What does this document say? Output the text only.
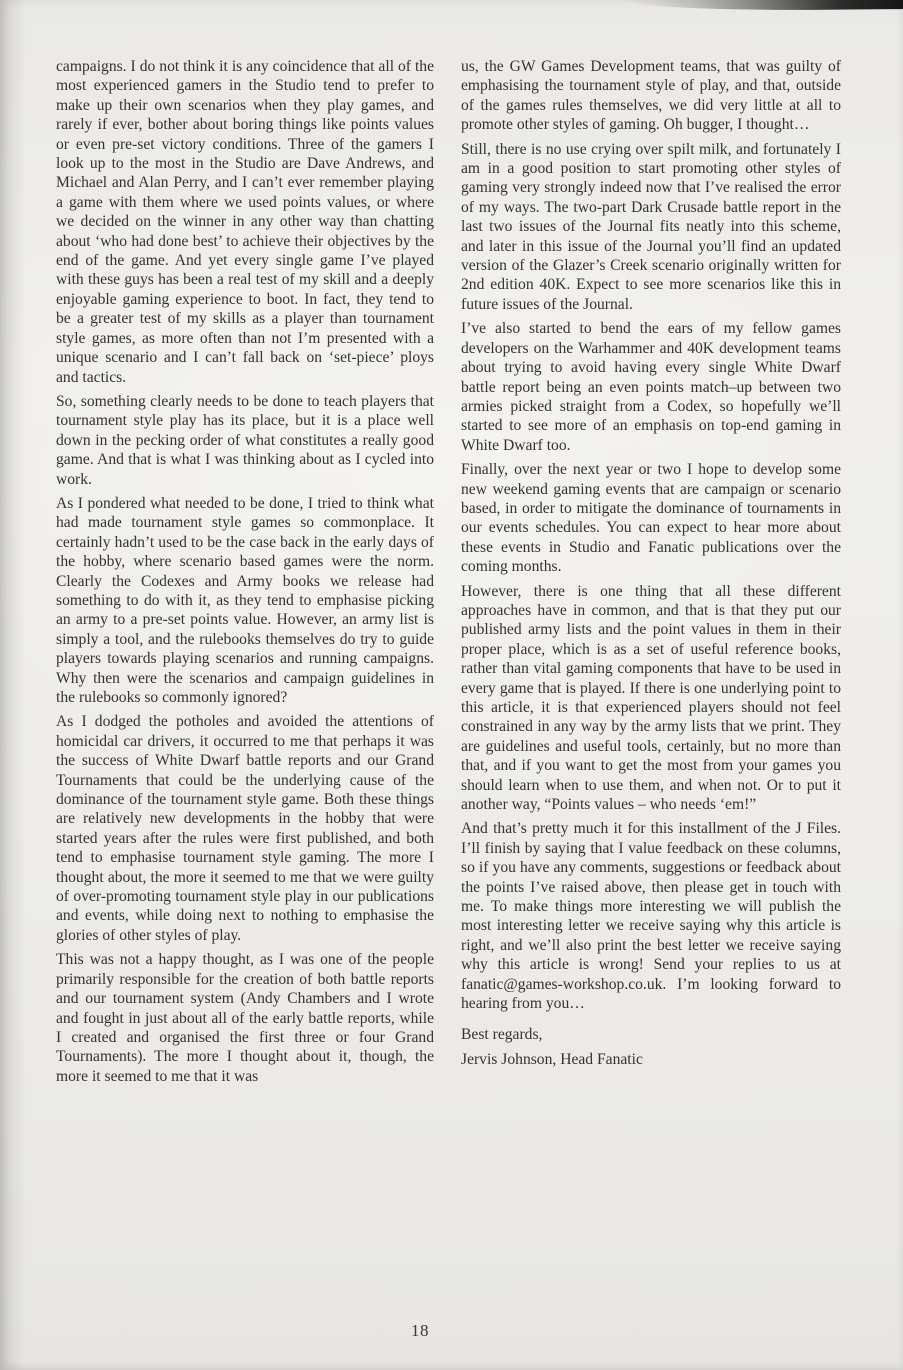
campaigns. I do not think it is any coincidence that all of the most experienced gamers in the Studio tend to prefer to make up their own scenarios when they play games, and rarely if ever, bother about boring things like points values or even pre-set victory conditions. Three of the gamers I look up to the most in the Studio are Dave Andrews, and Michael and Alan Perry, and I can’t ever remember playing a game with them where we used points values, or where we decided on the winner in any other way than chatting about ‘who had done best’ to achieve their objectives by the end of the game. And yet every single game I’ve played with these guys has been a real test of my skill and a deeply enjoyable gaming experience to boot. In fact, they tend to be a greater test of my skills as a player than tournament style games, as more often than not I’m presented with a unique scenario and I can’t fall back on ‘set-piece’ ploys and tactics.

So, something clearly needs to be done to teach players that tournament style play has its place, but it is a place well down in the pecking order of what constitutes a really good game. And that is what I was thinking about as I cycled into work.

As I pondered what needed to be done, I tried to think what had made tournament style games so commonplace. It certainly hadn’t used to be the case back in the early days of the hobby, where scenario based games were the norm. Clearly the Codexes and Army books we release had something to do with it, as they tend to emphasise picking an army to a pre-set points value. However, an army list is simply a tool, and the rulebooks themselves do try to guide players towards playing scenarios and running campaigns. Why then were the scenarios and campaign guidelines in the rulebooks so commonly ignored?

As I dodged the potholes and avoided the attentions of homicidal car drivers, it occurred to me that perhaps it was the success of White Dwarf battle reports and our Grand Tournaments that could be the underlying cause of the dominance of the tournament style game. Both these things are relatively new developments in the hobby that were started years after the rules were first published, and both tend to emphasise tournament style gaming. The more I thought about, the more it seemed to me that we were guilty of over-promoting tournament style play in our publications and events, while doing next to nothing to emphasise the glories of other styles of play.

This was not a happy thought, as I was one of the people primarily responsible for the creation of both battle reports and our tournament system (Andy Chambers and I wrote and fought in just about all of the early battle reports, while I created and organised the first three or four Grand Tournaments). The more I thought about it, though, the more it seemed to me that it was

us, the GW Games Development teams, that was guilty of emphasising the tournament style of play, and that, outside of the games rules themselves, we did very little at all to promote other styles of gaming. Oh bugger, I thought…

Still, there is no use crying over spilt milk, and fortunately I am in a good position to start promoting other styles of gaming very strongly indeed now that I’ve realised the error of my ways. The two-part Dark Crusade battle report in the last two issues of the Journal fits neatly into this scheme, and later in this issue of the Journal you’ll find an updated version of the Glazer’s Creek scenario originally written for 2nd edition 40K. Expect to see more scenarios like this in future issues of the Journal.

I’ve also started to bend the ears of my fellow games developers on the Warhammer and 40K development teams about trying to avoid having every single White Dwarf battle report being an even points match–up between two armies picked straight from a Codex, so hopefully we’ll started to see more of an emphasis on top-end gaming in White Dwarf too.

Finally, over the next year or two I hope to develop some new weekend gaming events that are campaign or scenario based, in order to mitigate the dominance of tournaments in our events schedules. You can expect to hear more about these events in Studio and Fanatic publications over the coming months.

However, there is one thing that all these different approaches have in common, and that is that they put our published army lists and the point values in them in their proper place, which is as a set of useful reference books, rather than vital gaming components that have to be used in every game that is played. If there is one underlying point to this article, it is that experienced players should not feel constrained in any way by the army lists that we print. They are guidelines and useful tools, certainly, but no more than that, and if you want to get the most from your games you should learn when to use them, and when not. Or to put it another way, “Points values – who needs ‘em!”

And that’s pretty much it for this installment of the J Files. I’ll finish by saying that I value feedback on these columns, so if you have any comments, suggestions or feedback about the points I’ve raised above, then please get in touch with me. To make things more interesting we will publish the most interesting letter we receive saying why this article is right, and we’ll also print the best letter we receive saying why this article is wrong! Send your replies to us at fanatic@games-workshop.co.uk. I’m looking forward to hearing from you…

Best regards,

Jervis Johnson, Head Fanatic

18
